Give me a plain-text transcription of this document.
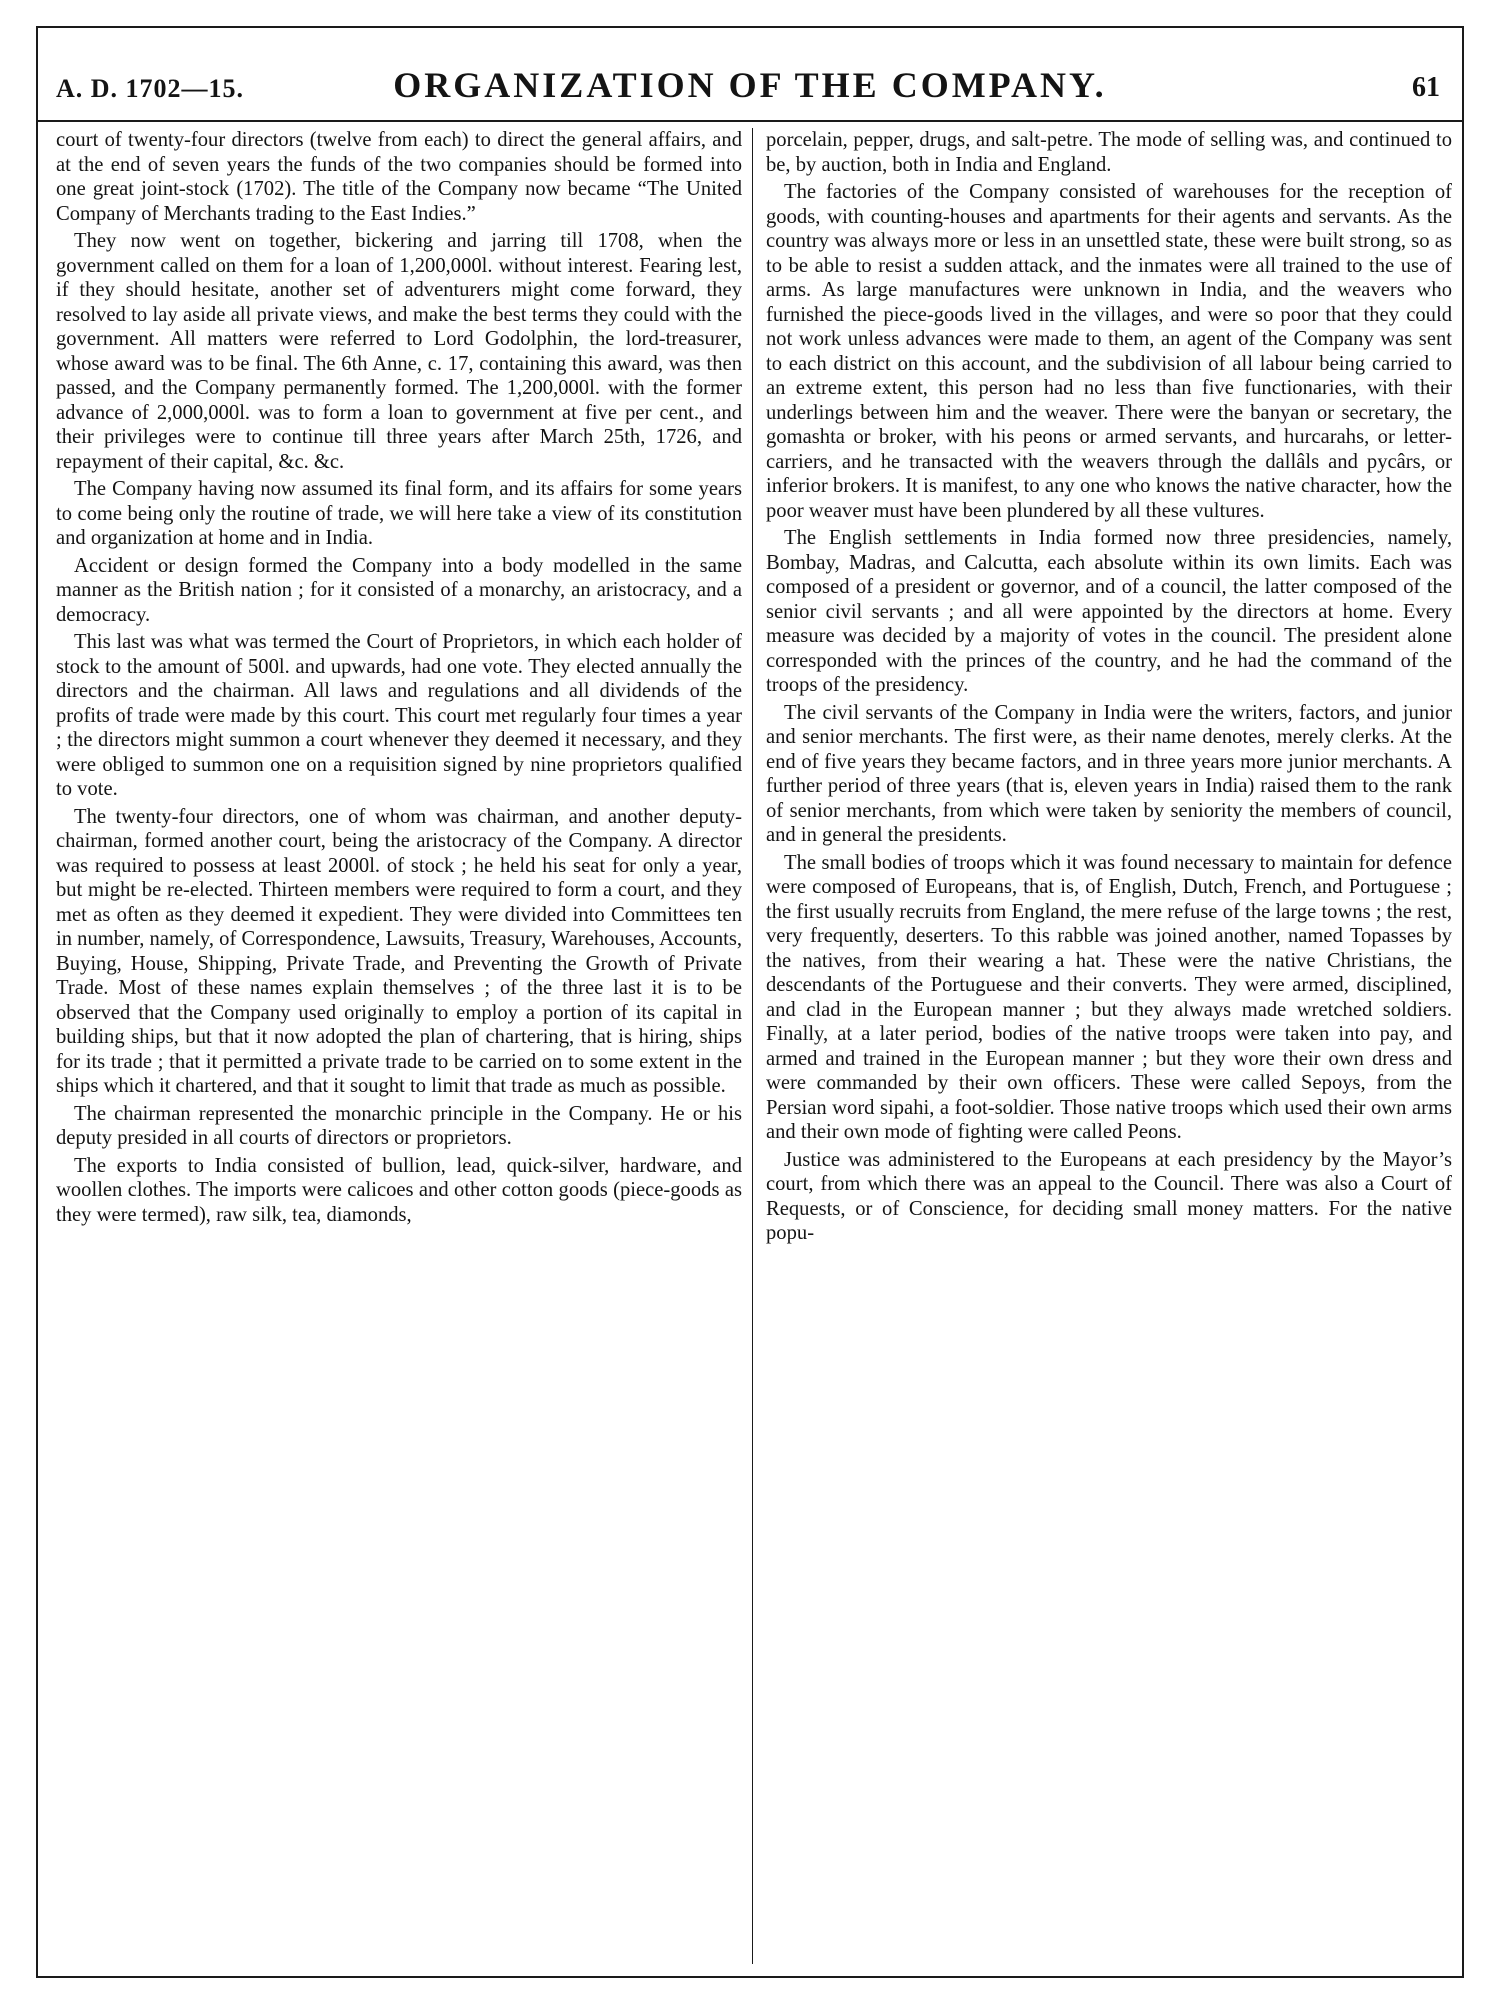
A. D. 1702—15.	ORGANIZATION OF THE COMPANY.	61

court of twenty-four directors (twelve from each) to direct the general affairs, and at the end of seven years the funds of the two companies should be formed into one great joint-stock (1702). The title of the Company now became “The United Company of Merchants trading to the East Indies.”

They now went on together, bickering and jarring till 1708, when the government called on them for a loan of 1,200,000l. without interest. Fearing lest, if they should hesitate, another set of adventurers might come forward, they resolved to lay aside all private views, and make the best terms they could with the government. All matters were referred to Lord Godolphin, the lord-treasurer, whose award was to be final. The 6th Anne, c. 17, containing this award, was then passed, and the Company permanently formed. The 1,200,000l. with the former advance of 2,000,000l. was to form a loan to government at five per cent., and their privileges were to continue till three years after March 25th, 1726, and repayment of their capital, &c. &c.

The Company having now assumed its final form, and its affairs for some years to come being only the routine of trade, we will here take a view of its constitution and organization at home and in India.

Accident or design formed the Company into a body modelled in the same manner as the British nation ; for it consisted of a monarchy, an aristocracy, and a democracy.

This last was what was termed the Court of Proprietors, in which each holder of stock to the amount of 500l. and upwards, had one vote. They elected annually the directors and the chairman. All laws and regulations and all dividends of the profits of trade were made by this court. This court met regularly four times a year ; the directors might summon a court whenever they deemed it necessary, and they were obliged to summon one on a requisition signed by nine proprietors qualified to vote.

The twenty-four directors, one of whom was chairman, and another deputy-chairman, formed another court, being the aristocracy of the Company. A director was required to possess at least 2000l. of stock ; he held his seat for only a year, but might be re-elected. Thirteen members were required to form a court, and they met as often as they deemed it expedient. They were divided into Committees ten in number, namely, of Correspondence, Lawsuits, Treasury, Warehouses, Accounts, Buying, House, Shipping, Private Trade, and Preventing the Growth of Private Trade. Most of these names explain themselves ; of the three last it is to be observed that the Company used originally to employ a portion of its capital in building ships, but that it now adopted the plan of chartering, that is hiring, ships for its trade ; that it permitted a private trade to be carried on to some extent in the ships which it chartered, and that it sought to limit that trade as much as possible.

The chairman represented the monarchic principle in the Company. He or his deputy presided in all courts of directors or proprietors.

The exports to India consisted of bullion, lead, quick-silver, hardware, and woollen clothes. The imports were calicoes and other cotton goods (piece-goods as they were termed), raw silk, tea, diamonds,

porcelain, pepper, drugs, and salt-petre. The mode of selling was, and continued to be, by auction, both in India and England.

The factories of the Company consisted of warehouses for the reception of goods, with counting-houses and apartments for their agents and servants. As the country was always more or less in an unsettled state, these were built strong, so as to be able to resist a sudden attack, and the inmates were all trained to the use of arms. As large manufactures were unknown in India, and the weavers who furnished the piece-goods lived in the villages, and were so poor that they could not work unless advances were made to them, an agent of the Company was sent to each district on this account, and the subdivision of all labour being carried to an extreme extent, this person had no less than five functionaries, with their underlings between him and the weaver. There were the banyan or secretary, the gomashta or broker, with his peons or armed servants, and hurcarahs, or letter-carriers, and he transacted with the weavers through the dallâls and pycârs, or inferior brokers. It is manifest, to any one who knows the native character, how the poor weaver must have been plundered by all these vultures.

The English settlements in India formed now three presidencies, namely, Bombay, Madras, and Calcutta, each absolute within its own limits. Each was composed of a president or governor, and of a council, the latter composed of the senior civil servants ; and all were appointed by the directors at home. Every measure was decided by a majority of votes in the council. The president alone corresponded with the princes of the country, and he had the command of the troops of the presidency.

The civil servants of the Company in India were the writers, factors, and junior and senior merchants. The first were, as their name denotes, merely clerks. At the end of five years they became factors, and in three years more junior merchants. A further period of three years (that is, eleven years in India) raised them to the rank of senior merchants, from which were taken by seniority the members of council, and in general the presidents.

The small bodies of troops which it was found necessary to maintain for defence were composed of Europeans, that is, of English, Dutch, French, and Portuguese ; the first usually recruits from England, the mere refuse of the large towns ; the rest, very frequently, deserters. To this rabble was joined another, named Topasses by the natives, from their wearing a hat. These were the native Christians, the descendants of the Portuguese and their converts. They were armed, disciplined, and clad in the European manner ; but they always made wretched soldiers. Finally, at a later period, bodies of the native troops were taken into pay, and armed and trained in the European manner ; but they wore their own dress and were commanded by their own officers. These were called Sepoys, from the Persian word sipahi, a foot-soldier. Those native troops which used their own arms and their own mode of fighting were called Peons.

Justice was administered to the Europeans at each presidency by the Mayor’s court, from which there was an appeal to the Council. There was also a Court of Requests, or of Conscience, for deciding small money matters. For the native popu-
